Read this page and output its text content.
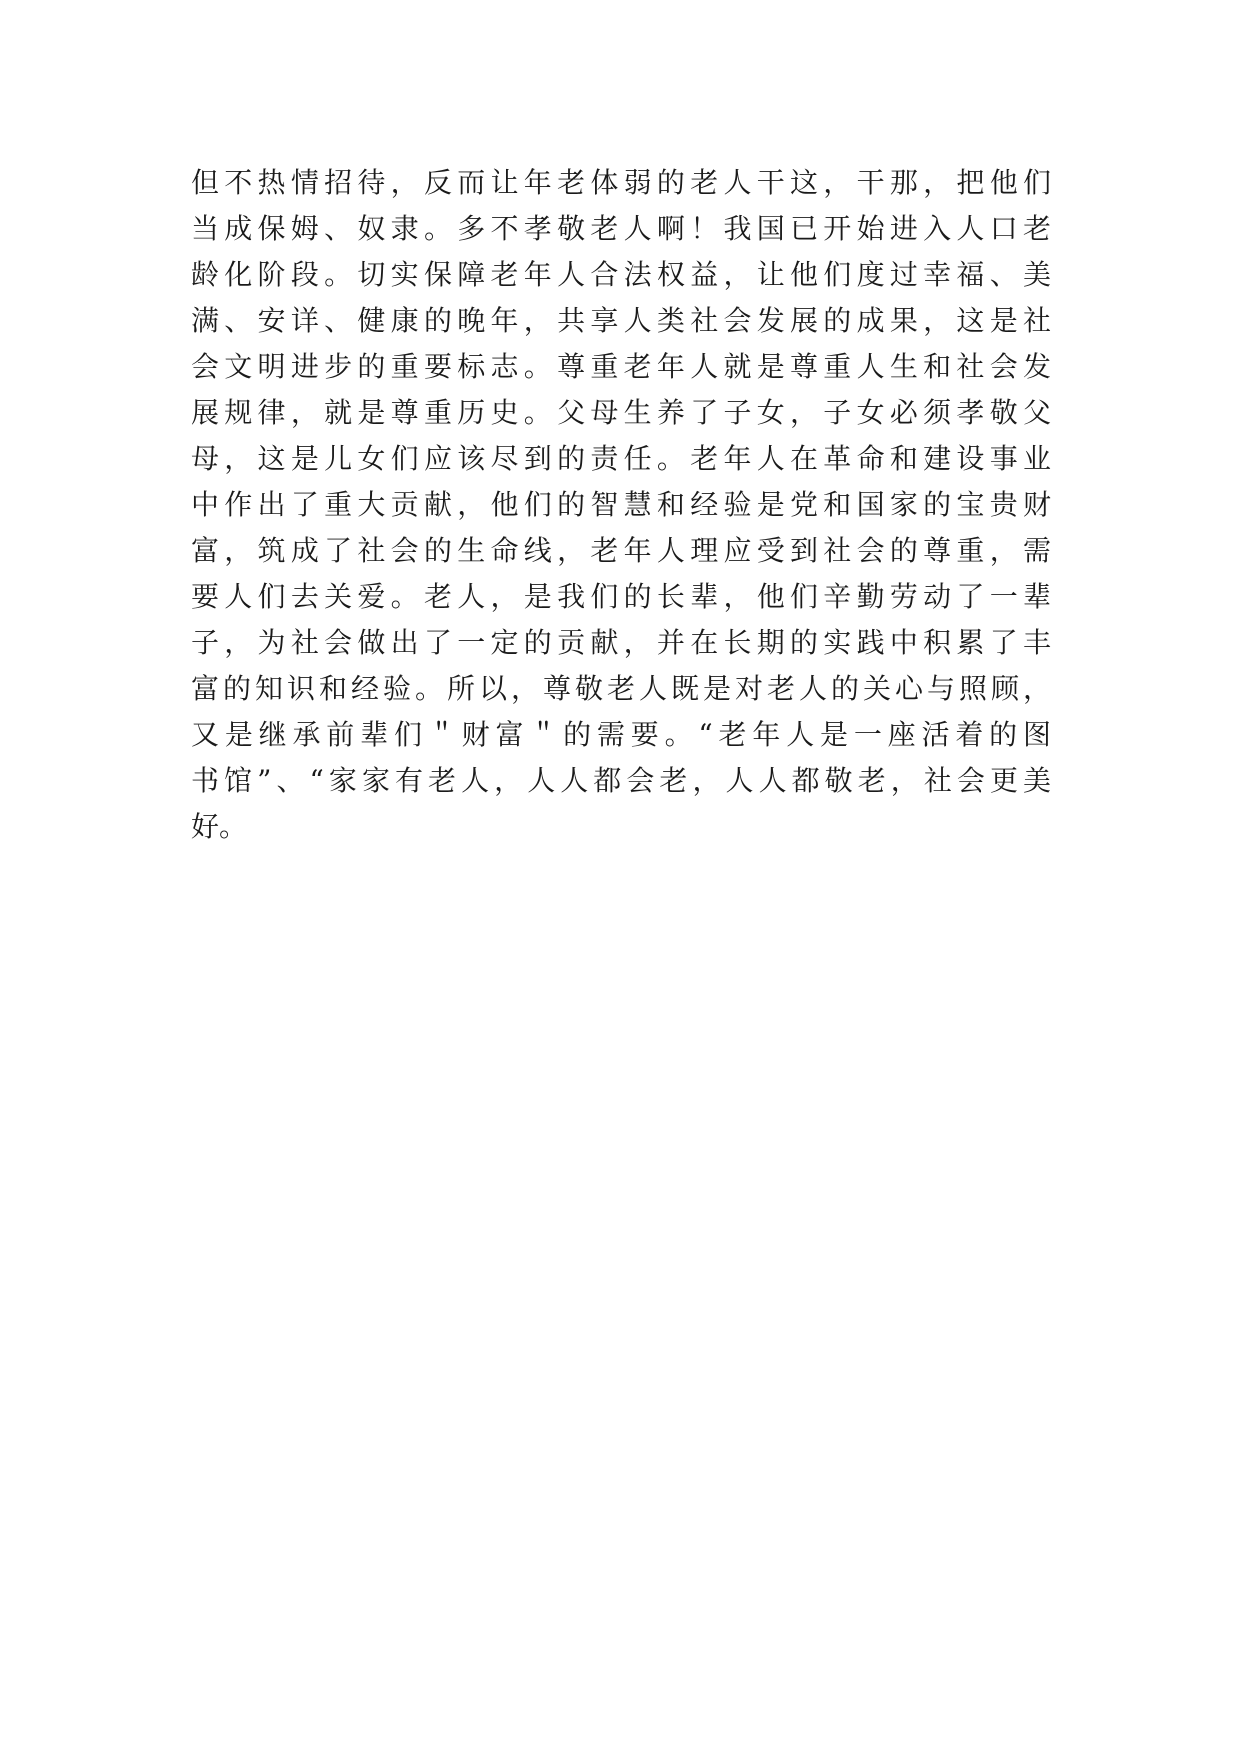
但不热情招待，反而让年老体弱的老人干这，干那，把他们
当成保姆、奴隶。多不孝敬老人啊！我国已开始进入人口老
龄化阶段。切实保障老年人合法权益，让他们度过幸福、美
满、安详、健康的晚年，共享人类社会发展的成果，这是社
会文明进步的重要标志。尊重老年人就是尊重人生和社会发
展规律，就是尊重历史。父母生养了子女，子女必须孝敬父
母，这是儿女们应该尽到的责任。老年人在革命和建设事业
中作出了重大贡献，他们的智慧和经验是党和国家的宝贵财
富，筑成了社会的生命线，老年人理应受到社会的尊重，需
要人们去关爱。老人，是我们的长辈，他们辛勤劳动了一辈
子，为社会做出了一定的贡献，并在长期的实践中积累了丰
富的知识和经验。所以，尊敬老人既是对老人的关心与照顾，
又是继承前辈们＂财富＂的需要。“老年人是一座活着的图
书馆”、“家家有老人，人人都会老，人人都敬老，社会更美
好。
